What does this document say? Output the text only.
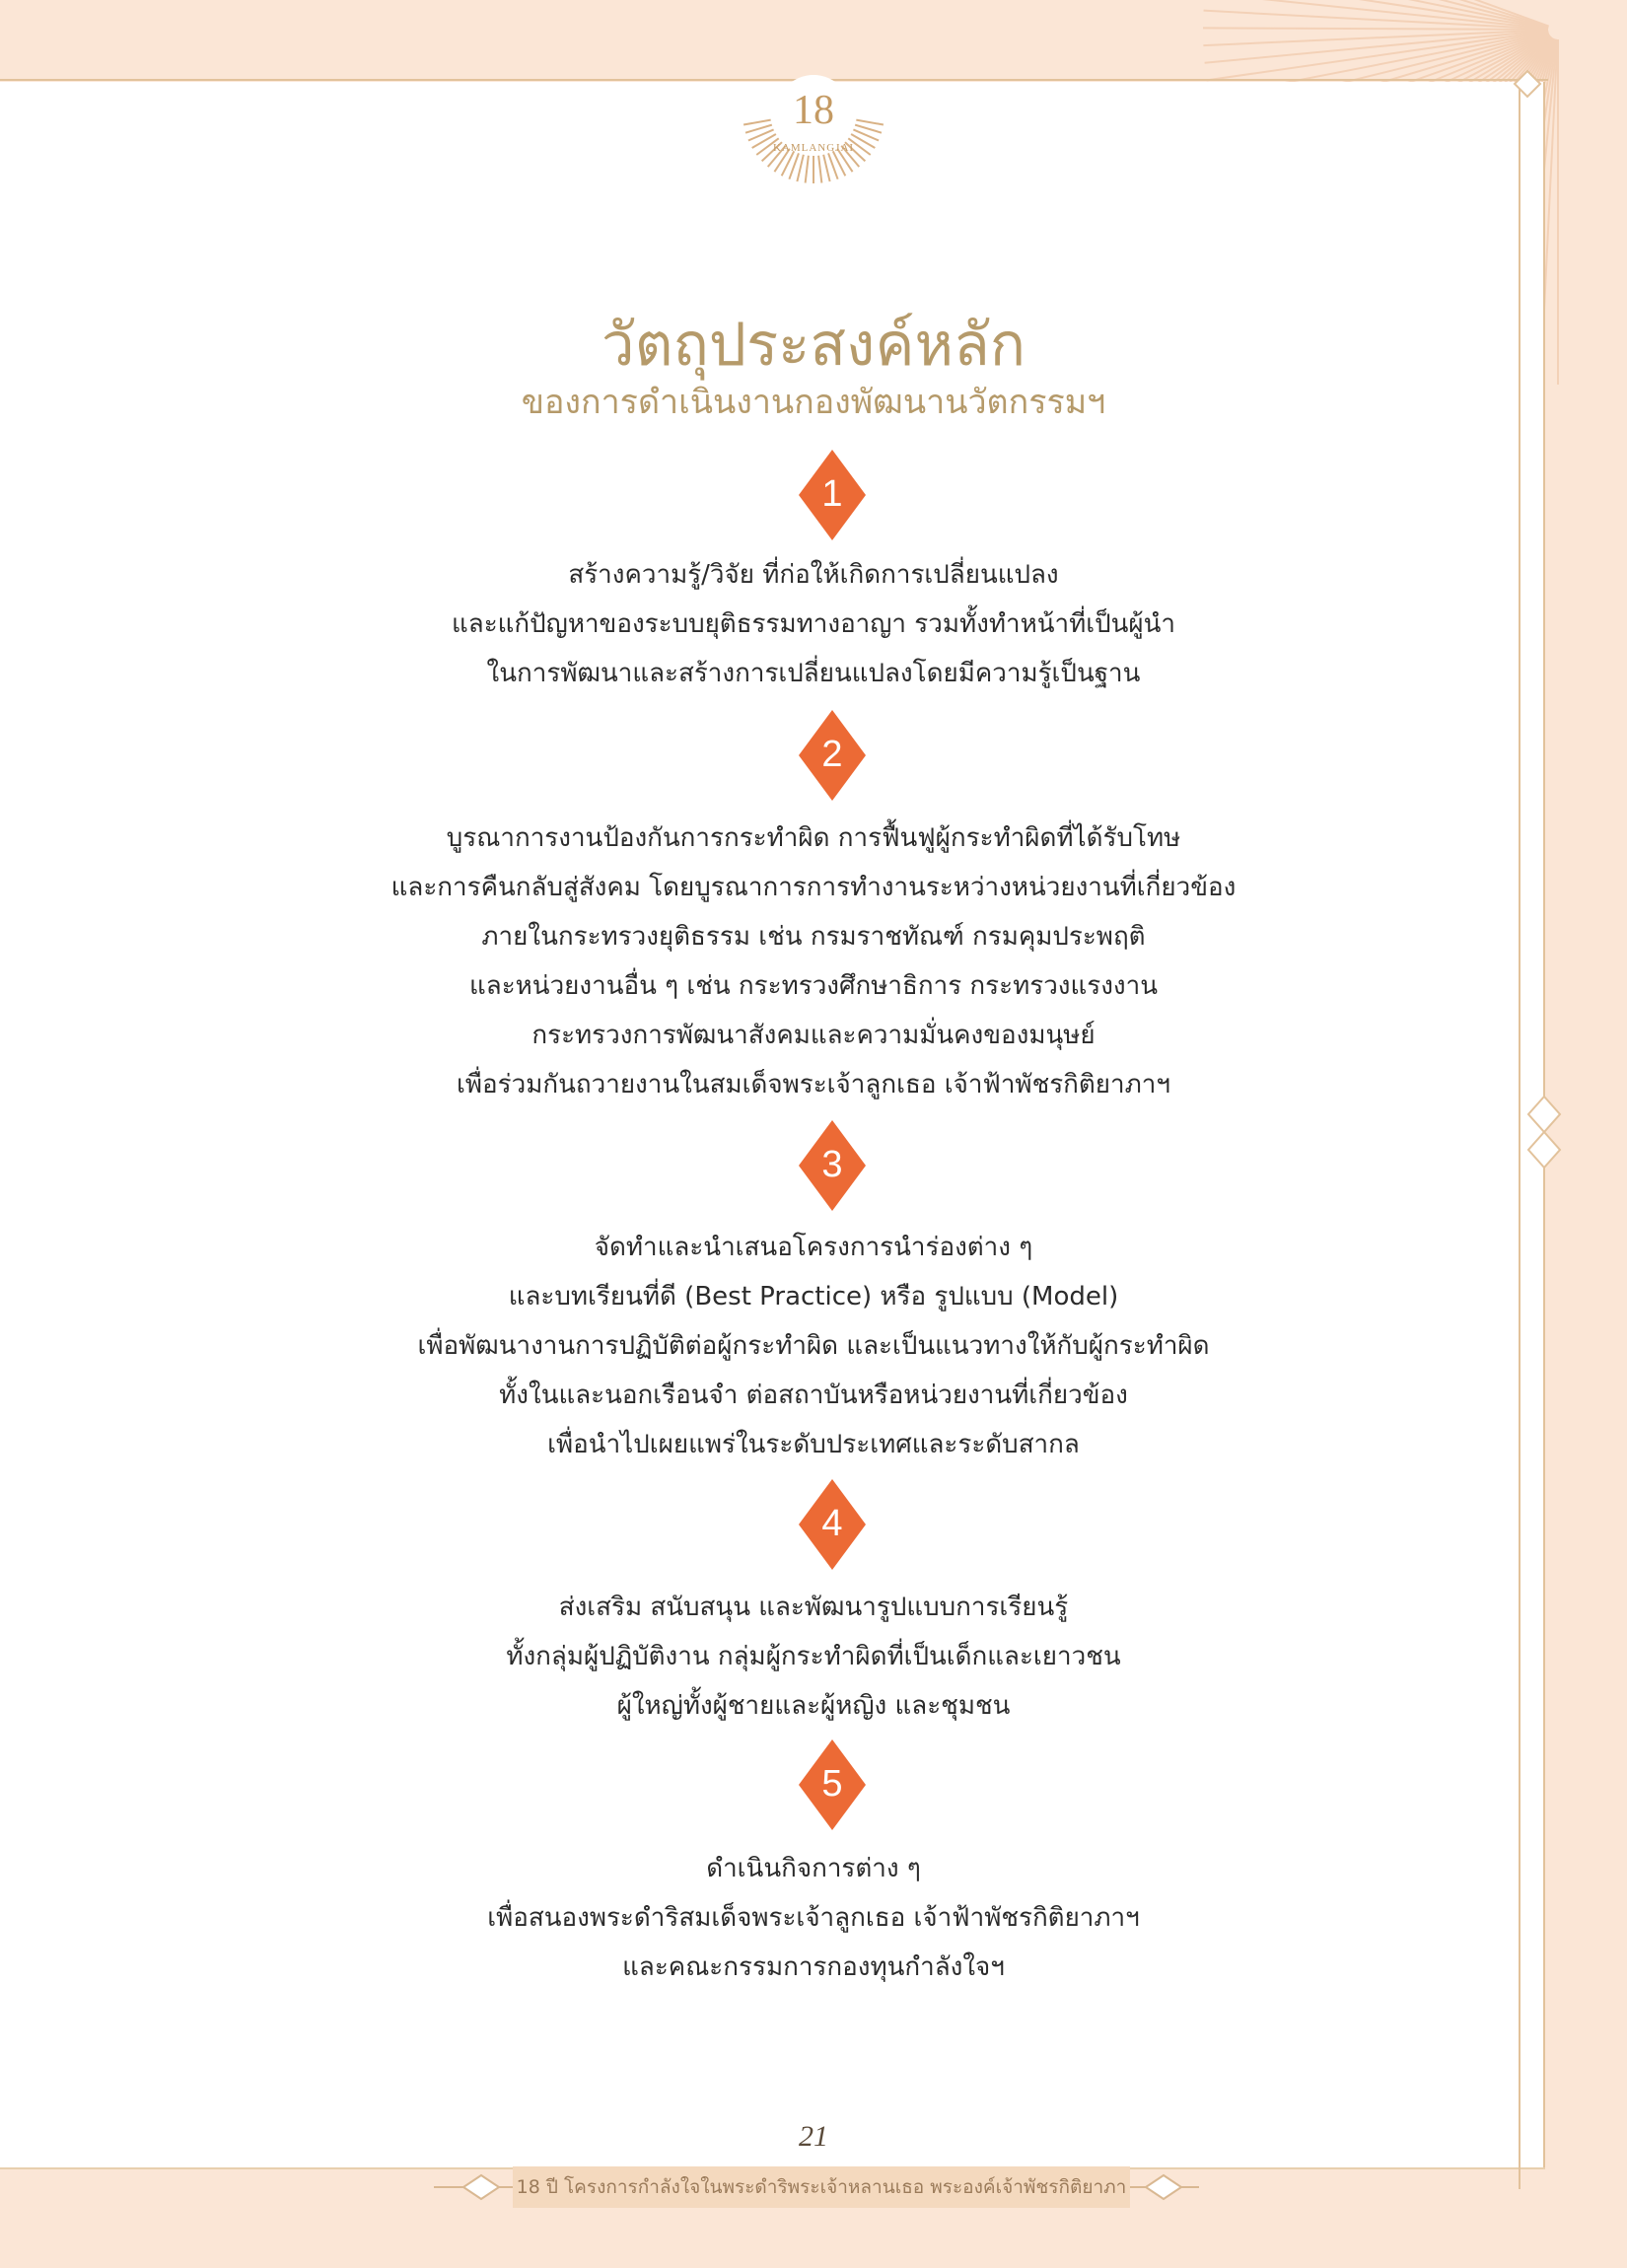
18
KAMLANGJAI
วัตถุประสงค์หลัก
ของการดำเนินงานกองพัฒนานวัตกรรมฯ
1
สร้างความรู้/วิจัย ที่ก่อให้เกิดการเปลี่ยนแปลง
และแก้ปัญหาของระบบยุติธรรมทางอาญา รวมทั้งทำหน้าที่เป็นผู้นำ
ในการพัฒนาและสร้างการเปลี่ยนแปลงโดยมีความรู้เป็นฐาน
2
บูรณาการงานป้องกันการกระทำผิด การฟื้นฟูผู้กระทำผิดที่ได้รับโทษ
และการคืนกลับสู่สังคม โดยบูรณาการการทำงานระหว่างหน่วยงานที่เกี่ยวข้อง
ภายในกระทรวงยุติธรรม เช่น กรมราชทัณฑ์ กรมคุมประพฤติ
และหน่วยงานอื่น ๆ เช่น กระทรวงศึกษาธิการ กระทรวงแรงงาน
กระทรวงการพัฒนาสังคมและความมั่นคงของมนุษย์
เพื่อร่วมกันถวายงานในสมเด็จพระเจ้าลูกเธอ เจ้าฟ้าพัชรกิติยาภาฯ
3
จัดทำและนำเสนอโครงการนำร่องต่าง ๆ
และบทเรียนที่ดี (Best Practice) หรือ รูปแบบ (Model)
เพื่อพัฒนางานการปฏิบัติต่อผู้กระทำผิด และเป็นแนวทางให้กับผู้กระทำผิด
ทั้งในและนอกเรือนจำ ต่อสถาบันหรือหน่วยงานที่เกี่ยวข้อง
เพื่อนำไปเผยแพร่ในระดับประเทศและระดับสากล
4
ส่งเสริม สนับสนุน และพัฒนารูปแบบการเรียนรู้
ทั้งกลุ่มผู้ปฏิบัติงาน กลุ่มผู้กระทำผิดที่เป็นเด็กและเยาวชน
ผู้ใหญ่ทั้งผู้ชายและผู้หญิง และชุมชน
5
ดำเนินกิจการต่าง ๆ
เพื่อสนองพระดำริสมเด็จพระเจ้าลูกเธอ เจ้าฟ้าพัชรกิติยาภาฯ
และคณะกรรมการกองทุนกำลังใจฯ
21
18 ปี โครงการกำลังใจในพระดำริพระเจ้าหลานเธอ พระองค์เจ้าพัชรกิติยาภา
